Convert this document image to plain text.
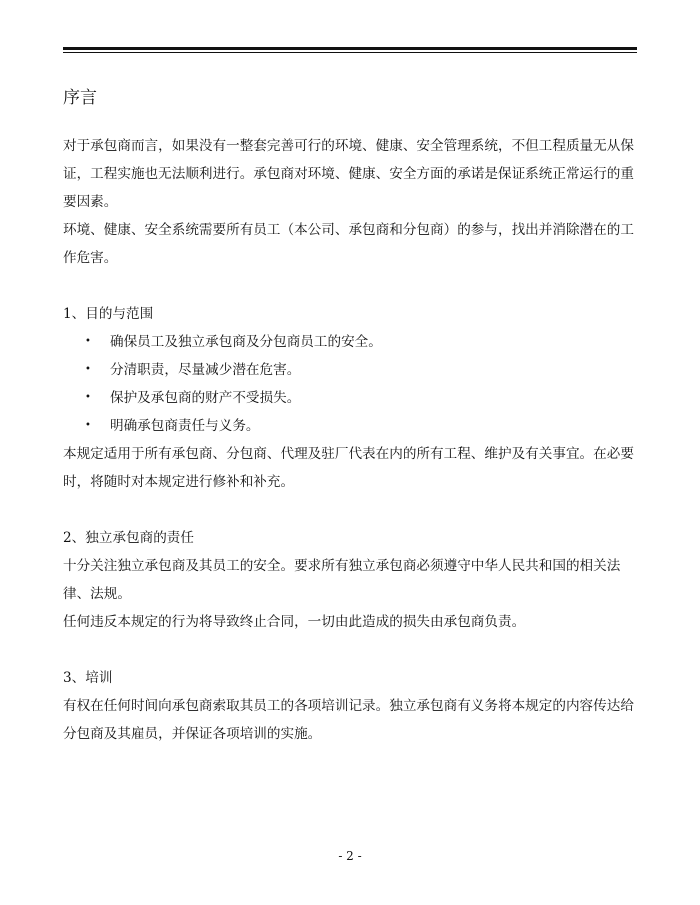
序言

对于承包商而言，如果没有一整套完善可行的环境、健康、安全管理系统，不但工程质量无从保证，工程实施也无法顺利进行。承包商对环境、健康、安全方面的承诺是保证系统正常运行的重要因素。

环境、健康、安全系统需要所有员工（本公司、承包商和分包商）的参与，找出并消除潜在的工作危害。

1、目的与范围

• 确保员工及独立承包商及分包商员工的安全。
• 分清职责，尽量减少潜在危害。
• 保护及承包商的财产不受损失。
• 明确承包商责任与义务。

本规定适用于所有承包商、分包商、代理及驻厂代表在内的所有工程、维护及有关事宜。在必要时，将随时对本规定进行修补和补充。

2、独立承包商的责任

十分关注独立承包商及其员工的安全。要求所有独立承包商必须遵守中华人民共和国的相关法律、法规。

任何违反本规定的行为将导致终止合同，一切由此造成的损失由承包商负责。

3、培训

有权在任何时间向承包商索取其员工的各项培训记录。独立承包商有义务将本规定的内容传达给分包商及其雇员，并保证各项培训的实施。

- 2 -
